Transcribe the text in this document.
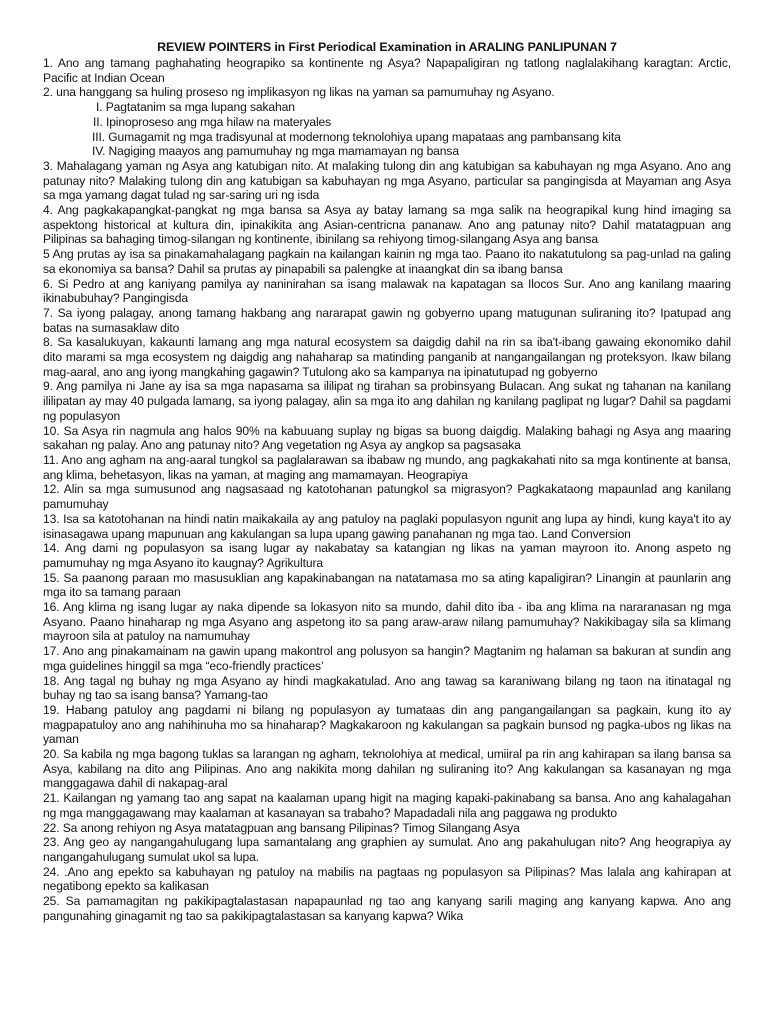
REVIEW POINTERS in First Periodical Examination in ARALING PANLIPUNAN 7
1. Ano ang tamang paghahating heograpiko sa kontinente ng Asya? Napapaligiran ng tatlong naglalakihang karagtan: Arctic, Pacific at Indian Ocean
2. una hanggang sa huling proseso ng implikasyon ng likas na yaman sa pamumuhay ng Asyano.
I. Pagtatanim sa mga lupang sakahan
II. Ipinoproseso ang mga hilaw na materyales
III. Gumagamit ng mga tradisyunal at modernong teknolohiya upang mapataas ang pambansang kita
IV. Nagiging maayos ang pamumuhay ng mga mamamayan ng bansa
3. Mahalagang yaman ng Asya ang katubigan nito. At malaking tulong din ang katubigan sa kabuhayan ng mga Asyano. Ano ang patunay nito? Malaking tulong din ang katubigan sa kabuhayan ng mga Asyano, particular sa pangingisda at Mayaman ang Asya sa mga yamang dagat tulad ng sar-saring uri ng isda
4. Ang pagkakapangkat-pangkat ng mga bansa sa Asya ay batay lamang sa mga salik na heograpikal kung hind imaging sa aspektong historical at kultura din, ipinakikita ang Asian-centricna pananaw. Ano ang patunay nito? Dahil matatagpuan ang Pilipinas sa bahaging timog-silangan ng kontinente, ibinilang sa rehiyong timog-silangang Asya ang bansa
5 Ang prutas ay isa sa pinakamahalagang pagkain na kailangan kainin ng mga tao. Paano ito nakatutulong sa pag-unlad na galing sa ekonomiya sa bansa? Dahil sa prutas ay pinapabili sa palengke at inaangkat din sa ibang bansa
6. Si Pedro at ang kaniyang pamilya ay naninirahan sa isang malawak na kapatagan sa Ilocos Sur. Ano ang kanilang maaring ikinabubuhay? Pangingisda
7. Sa iyong palagay, anong tamang hakbang ang nararapat gawin ng gobyerno upang matugunan suliraning ito? Ipatupad ang batas na sumasaklaw dito
8. Sa kasalukuyan, kakaunti lamang ang mga natural ecosystem sa daigdig dahil na rin sa iba't-ibang gawaing ekonomiko dahil dito marami sa mga ecosystem ng daigdig ang nahaharap sa matinding panganib at nangangailangan ng proteksyon. Ikaw bilang mag-aaral, ano ang iyong mangkahing gagawin? Tutulong ako sa kampanya na ipinatutupad ng gobyerno
9. Ang pamilya ni Jane ay isa sa mga napasama sa ililipat ng tirahan sa probinsyang Bulacan. Ang sukat ng tahanan na kanilang ililipatan ay may 40 pulgada lamang, sa iyong palagay, alin sa mga ito ang dahilan ng kanilang paglipat ng lugar? Dahil sa pagdami ng populasyon
10. Sa Asya rin nagmula ang halos 90% na kabuuang suplay ng bigas sa buong daigdig. Malaking bahagi ng Asya ang maaring sakahan ng palay. Ano ang patunay nito? Ang vegetation ng Asya ay angkop sa pagsasaka
11. Ano ang agham na ang-aaral tungkol sa paglalarawan sa ibabaw ng mundo, ang pagkakahati nito sa mga kontinente at bansa, ang klima, behetasyon, likas na yaman, at maging ang mamamayan. Heograpiya
12. Alin sa mga sumusunod ang nagsasaad ng katotohanan patungkol sa migrasyon? Pagkakataong mapaunlad ang kanilang pamumuhay
13. Isa sa katotohanan na hindi natin maikakaila ay ang patuloy na paglaki populasyon ngunit ang lupa ay hindi, kung kaya't ito ay isinasagawa upang mapunuan ang kakulangan sa lupa upang gawing panahanan ng mga tao. Land Conversion
14. Ang dami ng populasyon sa isang lugar ay nakabatay sa katangian ng likas na yaman mayroon ito. Anong aspeto ng pamumuhay ng mga Asyano ito kaugnay? Agrikultura
15. Sa paanong paraan mo masusuklian ang kapakinabangan na natatamasa mo sa ating kapaligiran? Linangin at paunlarin ang mga ito sa tamang paraan
16. Ang klima ng isang lugar ay naka dipende sa lokasyon nito sa mundo, dahil dito iba - iba ang klima na nararanasan ng mga Asyano. Paano hinaharap ng mga Asyano ang aspetong ito sa pang araw-araw nilang pamumuhay? Nakikibagay sila sa klimang mayroon sila at patuloy na namumuhay
17. Ano ang pinakamainam na gawin upang makontrol ang polusyon sa hangin? Magtanim ng halaman sa bakuran at sundin ang mga guidelines hinggil sa mga “eco-friendly practices’
18. Ang tagal ng buhay ng mga Asyano ay hindi magkakatulad. Ano ang tawag sa karaniwang bilang ng taon na itinatagal ng buhay ng tao sa isang bansa? Yamang-tao
19. Habang patuloy ang pagdami ni bilang ng populasyon ay tumataas din ang pangangailangan sa pagkain, kung ito ay magpapatuloy ano ang nahihinuha mo sa hinaharap? Magkakaroon ng kakulangan sa pagkain bunsod ng pagka-ubos ng likas na yaman
20. Sa kabila ng mga bagong tuklas sa larangan ng agham, teknolohiya at medical, umiiral pa rin ang kahirapan sa ilang bansa sa Asya, kabilang na dito ang Pilipinas. Ano ang nakikita mong dahilan ng suliraning ito? Ang kakulangan sa kasanayan ng mga manggagawa dahil di nakapag-aral
21. Kailangan ng yamang tao ang sapat na kaalaman upang higit na maging kapaki-pakinabang sa bansa. Ano ang kahalagahan ng mga manggagawang may kaalaman at kasanayan sa trabaho? Mapadadali nila ang paggawa ng produkto
22. Sa anong rehiyon ng Asya matatagpuan ang bansang Pilipinas? Timog Silangang Asya
23. Ang geo ay nangangahulugang lupa samantalang ang graphien ay sumulat. Ano ang pakahulugan nito? Ang heograpiya ay nangangahulugang sumulat ukol sa lupa.
24. .Ano ang epekto sa kabuhayan ng patuloy na mabilis na pagtaas ng populasyon sa Pilipinas? Mas lalala ang kahirapan at negatibong epekto sa kalikasan
25. Sa pamamagitan ng pakikipagtalastasan napapaunlad ng tao ang kanyang sarili maging ang kanyang kapwa. Ano ang pangunahing ginagamit ng tao sa pakikipagtalastasan sa kanyang kapwa? Wika
